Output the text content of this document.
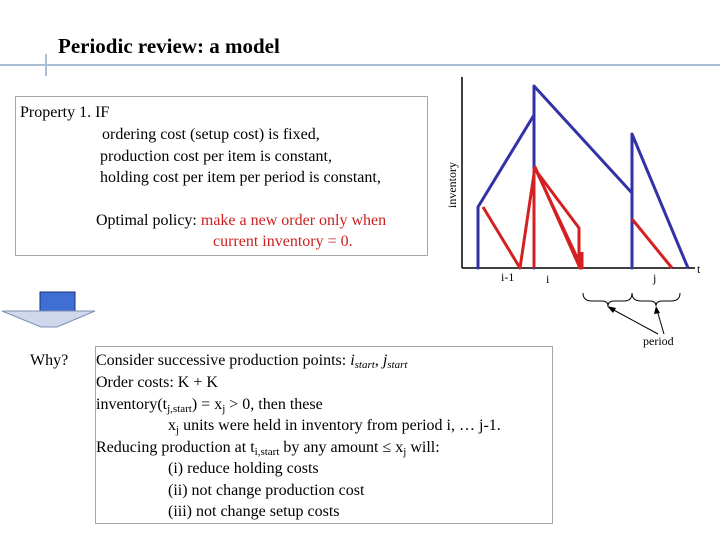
Periodic review: a model
Property 1. IF
ordering cost (setup cost) is fixed,
production cost per item is constant,
holding cost per item per period is constant,
Optimal policy: make a new order only when
current inventory = 0.
inventory
i-1	i	j
t
period
Why? Consider successive production points: $i_{start}$, $j_{start}$
Order costs: K + K
$inventory(t_{j,start}) = x_j > 0$, then these
$x_j$ units were held in inventory from period i, … j-1.
Reducing production at $t_{i,start}$ by any amount ≤ $x_j$ will:
(i) reduce holding costs
(ii) not change production cost
(iii) not change setup costs
